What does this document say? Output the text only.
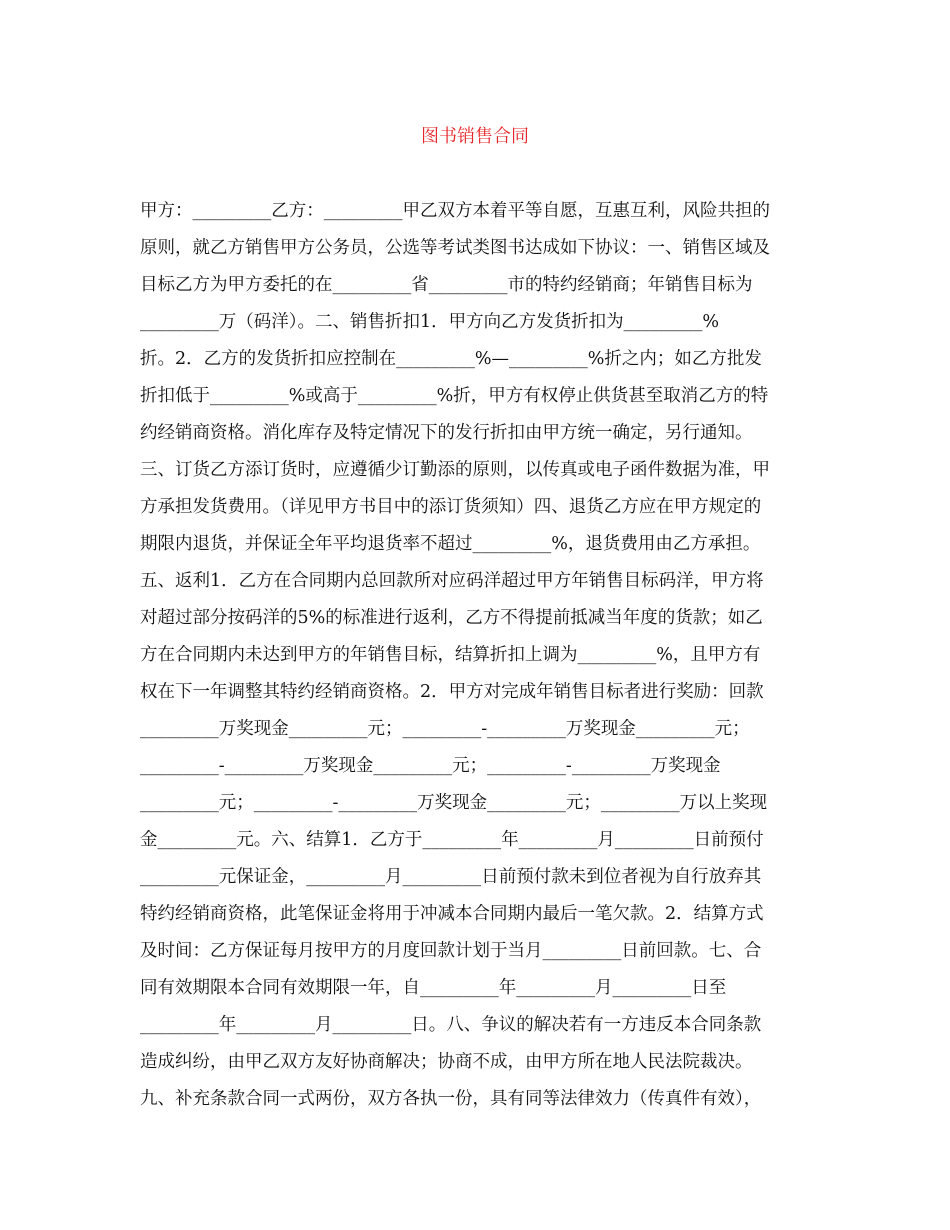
图书销售合同
甲方：_________乙方：_________甲乙双方本着平等自愿，互惠互利，风险共担的
原则，就乙方销售甲方公务员，公选等考试类图书达成如下协议：一、销售区域及
目标乙方为甲方委托的在_________省_________市的特约经销商；年销售目标为
_________万（码洋）。二、销售折扣1．甲方向乙方发货折扣为_________%
折。2．乙方的发货折扣应控制在_________%—_________%折之内；如乙方批发
折扣低于_________%或高于_________%折，甲方有权停止供货甚至取消乙方的特
约经销商资格。消化库存及特定情况下的发行折扣由甲方统一确定，另行通知。
三、订货乙方添订货时，应遵循少订勤添的原则，以传真或电子函件数据为准，甲
方承担发货费用。（详见甲方书目中的添订货须知）四、退货乙方应在甲方规定的
期限内退货，并保证全年平均退货率不超过_________%，退货费用由乙方承担。
五、返利1．乙方在合同期内总回款所对应码洋超过甲方年销售目标码洋，甲方将
对超过部分按码洋的5%的标准进行返利，乙方不得提前抵减当年度的货款；如乙
方在合同期内未达到甲方的年销售目标，结算折扣上调为_________%，且甲方有
权在下一年调整其特约经销商资格。2．甲方对完成年销售目标者进行奖励：回款
_________万奖现金_________元；_________-_________万奖现金_________元；
_________-_________万奖现金_________元；_________-_________万奖现金
_________元；_________-_________万奖现金_________元；_________万以上奖现
金_________元。六、结算1．乙方于_________年_________月_________日前预付
_________元保证金，_________月_________日前预付款未到位者视为自行放弃其
特约经销商资格，此笔保证金将用于冲减本合同期内最后一笔欠款。2．结算方式
及时间：乙方保证每月按甲方的月度回款计划于当月_________日前回款。七、合
同有效期限本合同有效期限一年，自_________年_________月_________日至
_________年_________月_________日。八、争议的解决若有一方违反本合同条款
造成纠纷，由甲乙双方友好协商解决；协商不成，由甲方所在地人民法院裁决。
九、补充条款合同一式两份，双方各执一份，具有同等法律效力（传真件有效），
